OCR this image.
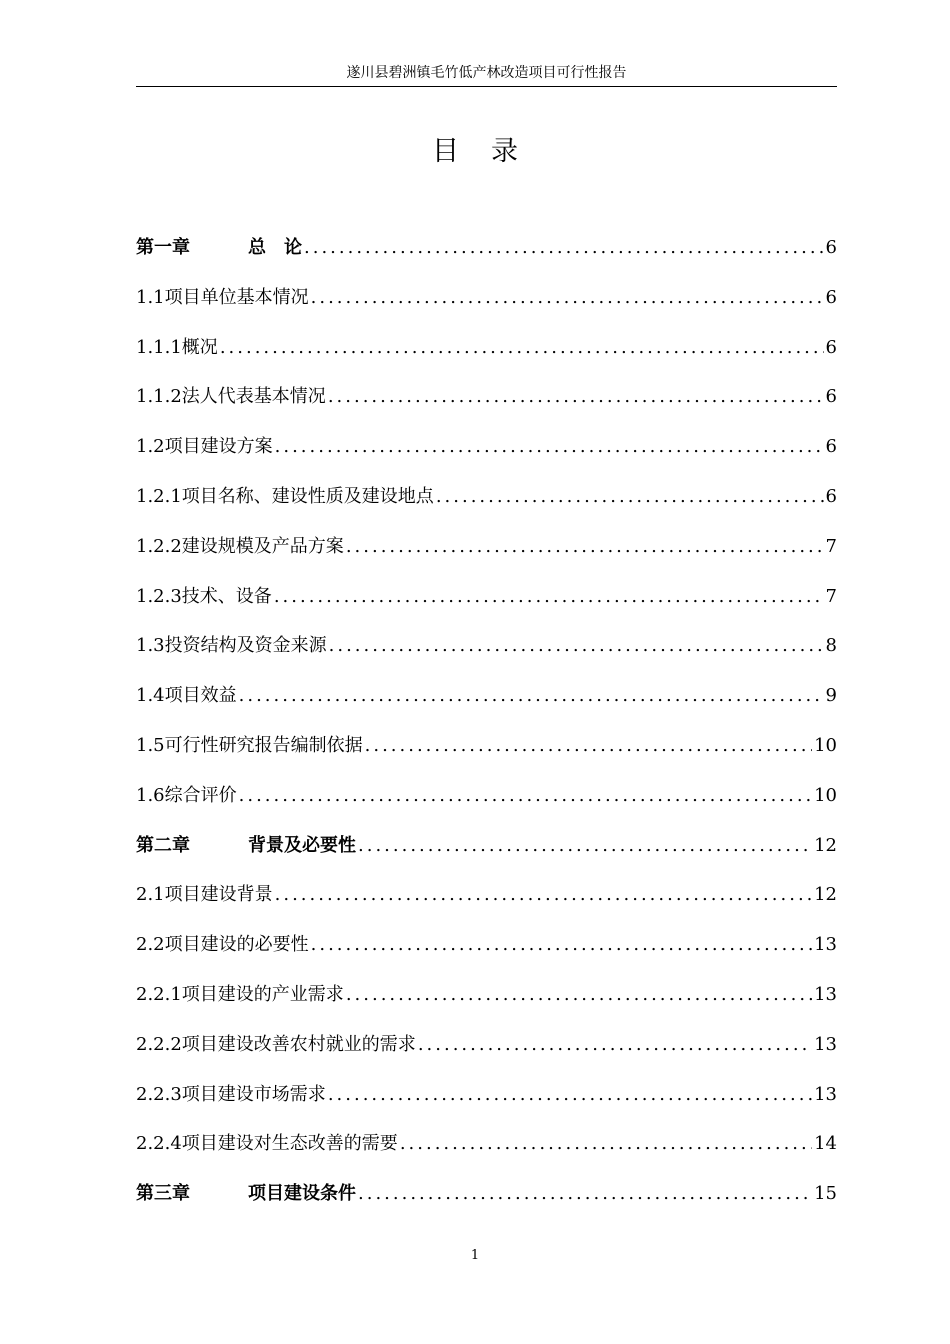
遂川县碧洲镇毛竹低产林改造项目可行性报告
目录
第一章	总　论 .....	6
1.1项目单位基本情况 .....	6
1.1.1概况 .....	6
1.1.2法人代表基本情况 .....	6
1.2项目建设方案 .....	6
1.2.1项目名称、建设性质及建设地点 .....	6
1.2.2建设规模及产品方案 .....	7
1.2.3技术、设备 .....	7
1.3投资结构及资金来源 .....	8
1.4项目效益 .....	9
1.5可行性研究报告编制依据 .....	10
1.6综合评价 .....	10
第二章	背景及必要性 .....	12
2.1项目建设背景 .....	12
2.2项目建设的必要性 .....	13
2.2.1项目建设的产业需求 .....	13
2.2.2项目建设改善农村就业的需求 .....	13
2.2.3项目建设市场需求 .....	13
2.2.4项目建设对生态改善的需要 .....	14
第三章	项目建设条件 .....	15
1
